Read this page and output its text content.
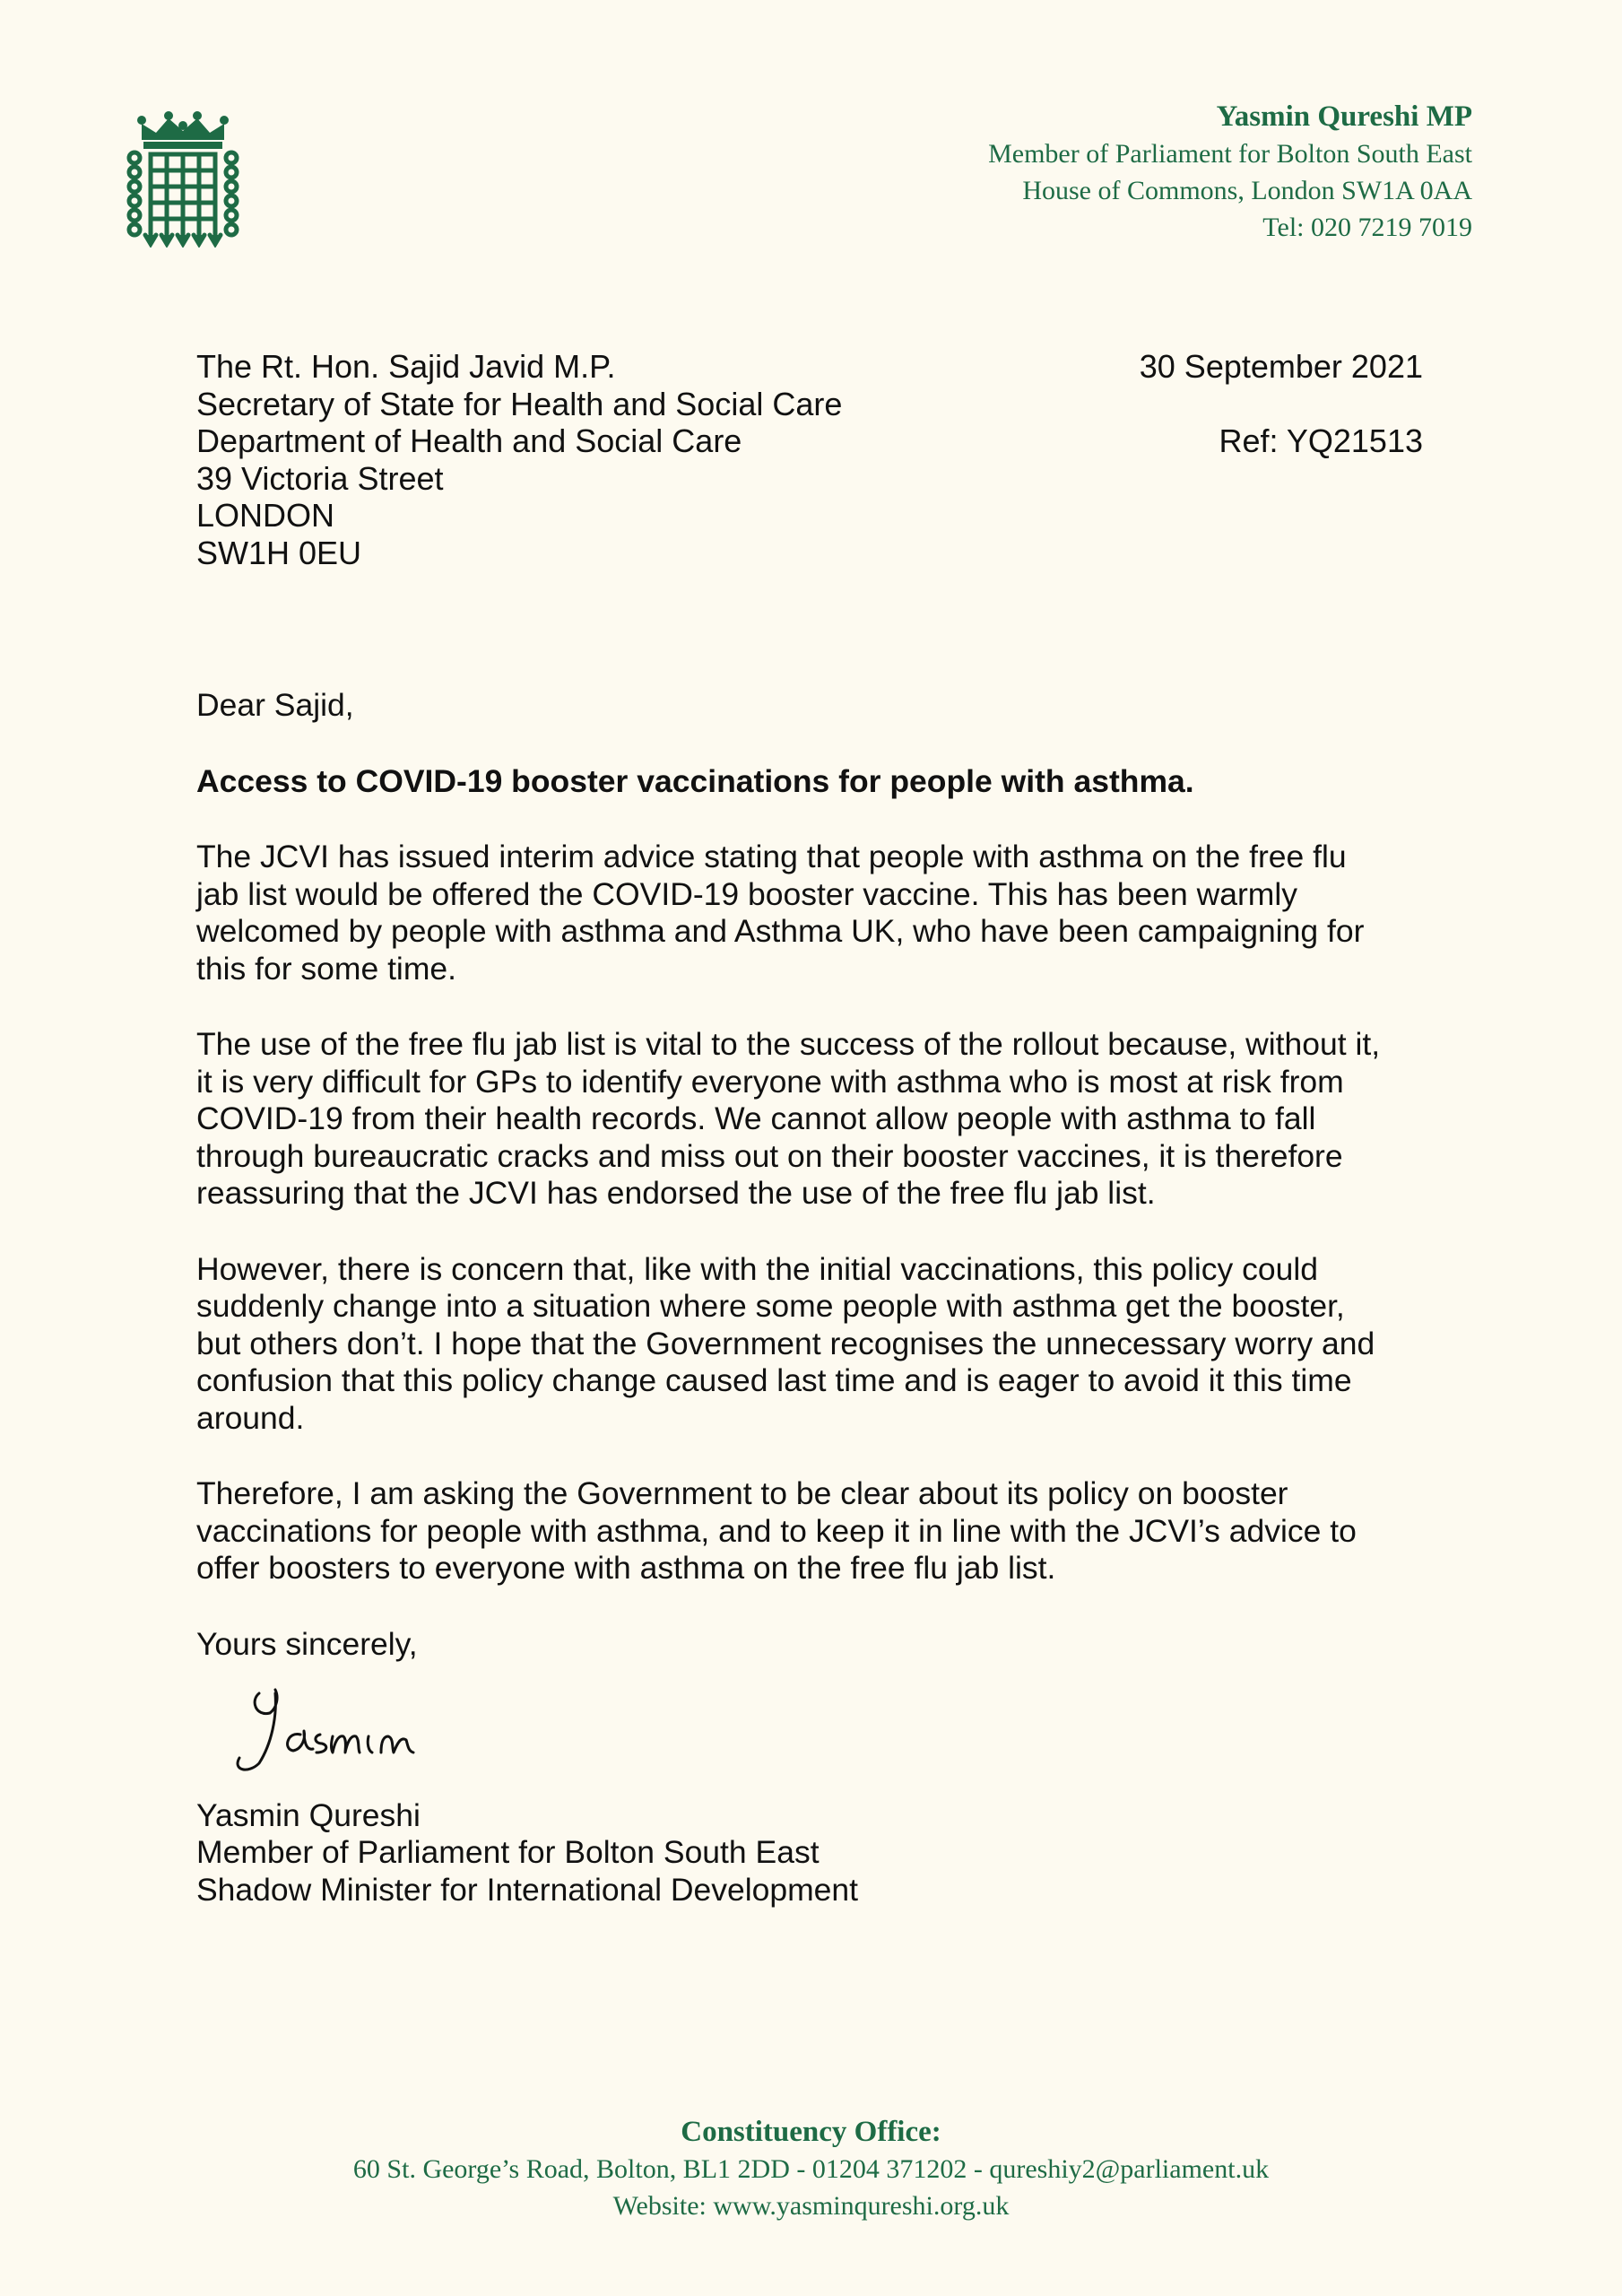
Yasmin Qureshi MP
Member of Parliament for Bolton South East
House of Commons, London SW1A 0AA
Tel: 020 7219 7019
The Rt. Hon. Sajid Javid M.P.
Secretary of State for Health and Social Care
Department of Health and Social Care
39 Victoria Street
LONDON
SW1H 0EU
30 September 2021
Ref: YQ21513

Dear Sajid,

Access to COVID-19 booster vaccinations for people with asthma.

The JCVI has issued interim advice stating that people with asthma on the free flu
jab list would be offered the COVID-19 booster vaccine. This has been warmly
welcomed by people with asthma and Asthma UK, who have been campaigning for
this for some time.

The use of the free flu jab list is vital to the success of the rollout because, without it,
it is very difficult for GPs to identify everyone with asthma who is most at risk from
COVID-19 from their health records. We cannot allow people with asthma to fall
through bureaucratic cracks and miss out on their booster vaccines, it is therefore
reassuring that the JCVI has endorsed the use of the free flu jab list.

However, there is concern that, like with the initial vaccinations, this policy could
suddenly change into a situation where some people with asthma get the booster,
but others don’t. I hope that the Government recognises the unnecessary worry and
confusion that this policy change caused last time and is eager to avoid it this time
around.

Therefore, I am asking the Government to be clear about its policy on booster
vaccinations for people with asthma, and to keep it in line with the JCVI’s advice to
offer boosters to everyone with asthma on the free flu jab list.

Yours sincerely,

Yasmin Qureshi
Member of Parliament for Bolton South East
Shadow Minister for International Development
Constituency Office:
60 St. George’s Road, Bolton, BL1 2DD - 01204 371202 - qureshiy2@parliament.uk
Website: www.yasminqureshi.org.uk
